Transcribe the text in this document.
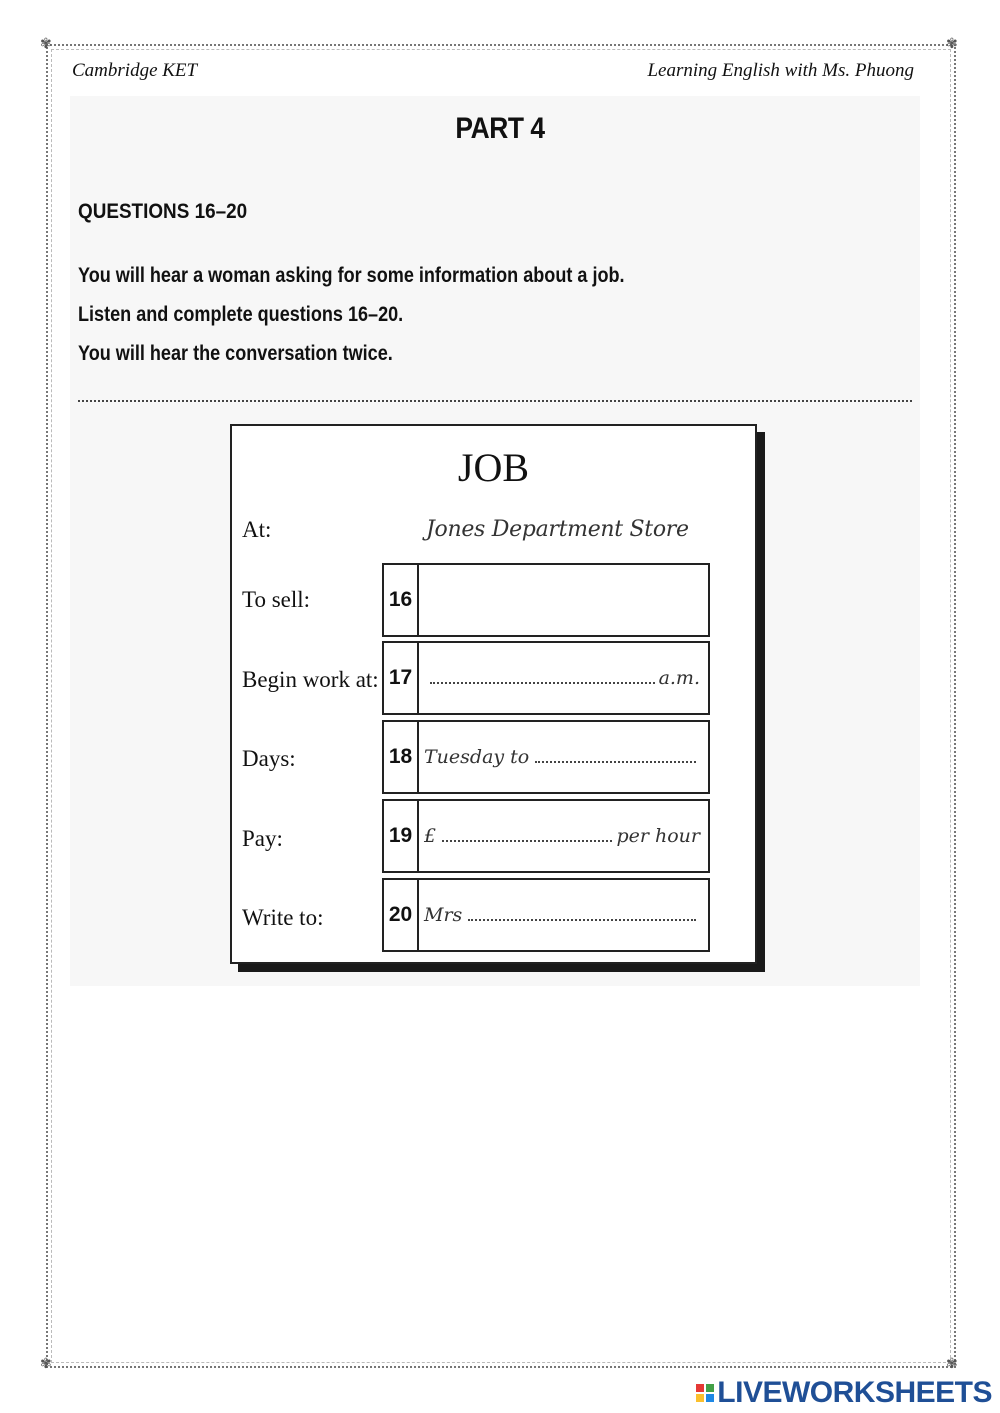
✾	✾
✾	✾
Cambridge KET	Learning English with Ms. Phuong
PART 4
QUESTIONS 16–20
You will hear a woman asking for some information about a job.
Listen and complete questions 16–20.
You will hear the conversation twice.
JOB
At:	Jones Department Store
To sell:	16
Begin work at: 17	a.m.
Days:	18 Tuesday to
Pay:	19 £	per hour
Write to:	20 Mrs
LIVEWORKSHEETS
